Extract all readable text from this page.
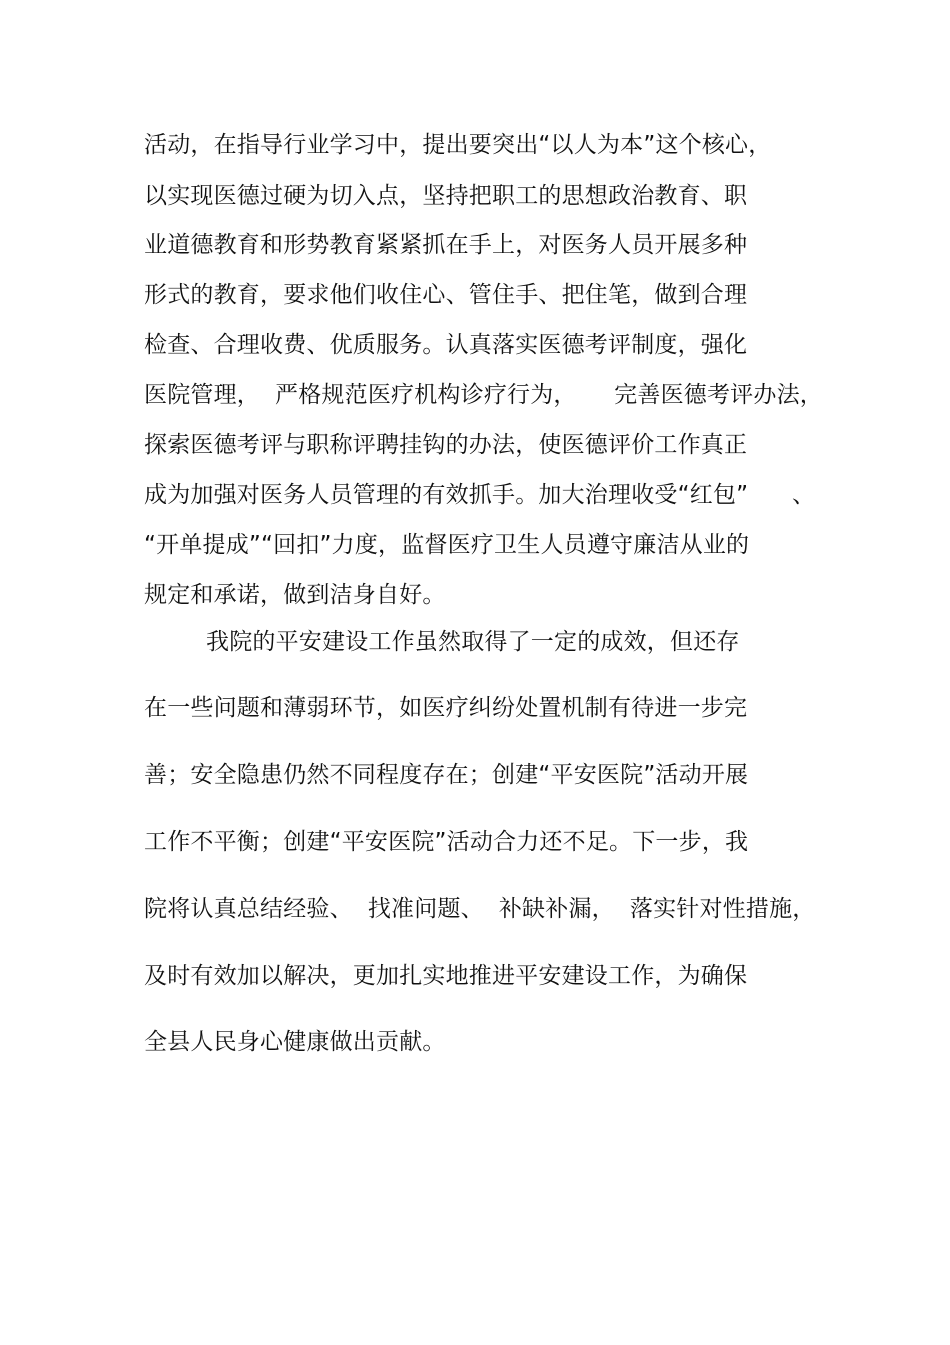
活动，在指导行业学习中，提出要突出“以人为本”这个核心，
以实现医德过硬为切入点，坚持把职工的思想政治教育、职
业道德教育和形势教育紧紧抓在手上，对医务人员开展多种
形式的教育，要求他们收住心、管住手、把住笔，做到合理
检查、合理收费、优质服务。认真落实医德考评制度，强化
医院管理，  严格规范医疗机构诊疗行为，     完善医德考评办法，
探索医德考评与职称评聘挂钩的办法，使医德评价工作真正
成为加强对医务人员管理的有效抓手。加大治理收受“红包” 、
“开单提成”“回扣”力度，监督医疗卫生人员遵守廉洁从业的
规定和承诺，做到洁身自好。
我院的平安建设工作虽然取得了一定的成效，但还存
在一些问题和薄弱环节，如医疗纠纷处置机制有待进一步完
善；安全隐患仍然不同程度存在；创建“平安医院”活动开展
工作不平衡；创建“平安医院”活动合力还不足。下一步，我
院将认真总结经验、  找准问题、  补缺补漏，  落实针对性措施，
及时有效加以解决，更加扎实地推进平安建设工作，为确保
全县人民身心健康做出贡献。
